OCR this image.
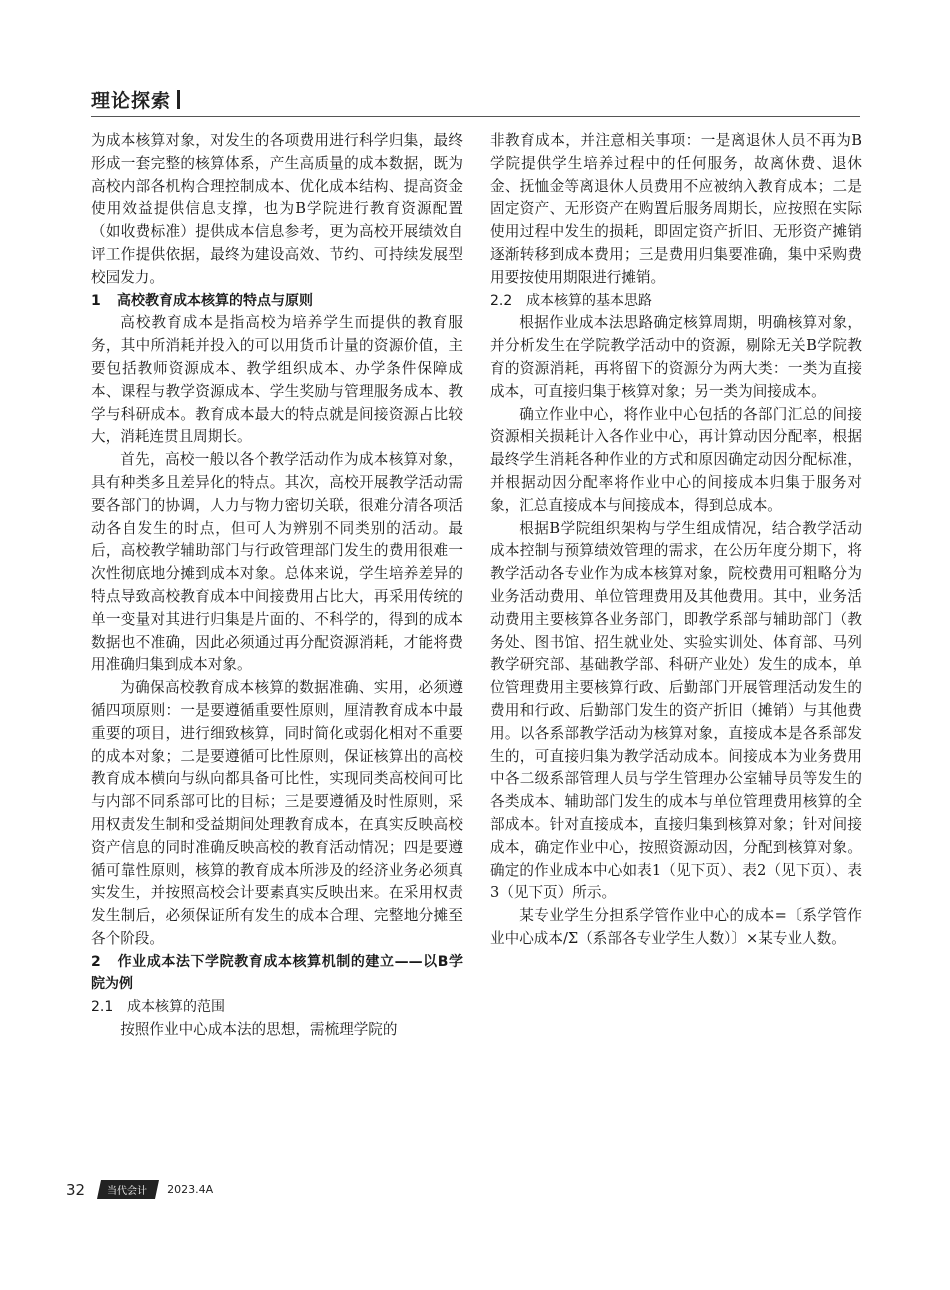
理论探索

为成本核算对象，对发生的各项费用进行科学归集，最终形成一套完整的核算体系，产生高质量的成本数据，既为高校内部各机构合理控制成本、优化成本结构、提高资金使用效益提供信息支撑，也为B学院进行教育资源配置（如收费标准）提供成本信息参考，更为高校开展绩效自评工作提供依据，最终为建设高效、节约、可持续发展型校园发力。

1 高校教育成本核算的特点与原则

高校教育成本是指高校为培养学生而提供的教育服务，其中所消耗并投入的可以用货币计量的资源价值，主要包括教师资源成本、教学组织成本、办学条件保障成本、课程与教学资源成本、学生奖励与管理服务成本、教学与科研成本。教育成本最大的特点就是间接资源占比较大，消耗连贯且周期长。

首先，高校一般以各个教学活动作为成本核算对象，具有种类多且差异化的特点。其次，高校开展教学活动需要各部门的协调，人力与物力密切关联，很难分清各项活动各自发生的时点，但可人为辨别不同类别的活动。最后，高校教学辅助部门与行政管理部门发生的费用很难一次性彻底地分摊到成本对象。总体来说，学生培养差异的特点导致高校教育成本中间接费用占比大，再采用传统的单一变量对其进行归集是片面的、不科学的，得到的成本数据也不准确，因此必须通过再分配资源消耗，才能将费用准确归集到成本对象。

为确保高校教育成本核算的数据准确、实用，必须遵循四项原则：一是要遵循重要性原则，厘清教育成本中最重要的项目，进行细致核算，同时简化或弱化相对不重要的成本对象；二是要遵循可比性原则，保证核算出的高校教育成本横向与纵向都具备可比性，实现同类高校间可比与内部不同系部可比的目标；三是要遵循及时性原则，采用权责发生制和受益期间处理教育成本，在真实反映高校资产信息的同时准确反映高校的教育活动情况；四是要遵循可靠性原则，核算的教育成本所涉及的经济业务必须真实发生，并按照高校会计要素真实反映出来。在采用权责发生制后，必须保证所有发生的成本合理、完整地分摊至各个阶段。

2 作业成本法下学院教育成本核算机制的建立——以B学院为例
2.1 成本核算的范围

按照作业中心成本法的思想，需梳理学院的

非教育成本，并注意相关事项：一是离退休人员不再为B学院提供学生培养过程中的任何服务，故离休费、退休金、抚恤金等离退休人员费用不应被纳入教育成本；二是固定资产、无形资产在购置后服务周期长，应按照在实际使用过程中发生的损耗，即固定资产折旧、无形资产摊销逐渐转移到成本费用；三是费用归集要准确，集中采购费用要按使用期限进行摊销。

2.2 成本核算的基本思路

根据作业成本法思路确定核算周期，明确核算对象，并分析发生在学院教学活动中的资源，剔除无关B学院教育的资源消耗，再将留下的资源分为两大类：一类为直接成本，可直接归集于核算对象；另一类为间接成本。

确立作业中心，将作业中心包括的各部门汇总的间接资源相关损耗计入各作业中心，再计算动因分配率，根据最终学生消耗各种作业的方式和原因确定动因分配标准，并根据动因分配率将作业中心的间接成本归集于服务对象，汇总直接成本与间接成本，得到总成本。

根据B学院组织架构与学生组成情况，结合教学活动成本控制与预算绩效管理的需求，在公历年度分期下，将教学活动各专业作为成本核算对象，院校费用可粗略分为业务活动费用、单位管理费用及其他费用。其中，业务活动费用主要核算各业务部门，即教学系部与辅助部门（教务处、图书馆、招生就业处、实验实训处、体育部、马列教学研究部、基础教学部、科研产业处）发生的成本，单位管理费用主要核算行政、后勤部门开展管理活动发生的费用和行政、后勤部门发生的资产折旧（摊销）与其他费用。以各系部教学活动为核算对象，直接成本是各系部发生的，可直接归集为教学活动成本。间接成本为业务费用中各二级系部管理人员与学生管理办公室辅导员等发生的各类成本、辅助部门发生的成本与单位管理费用核算的全部成本。针对直接成本，直接归集到核算对象；针对间接成本，确定作业中心，按照资源动因，分配到核算对象。确定的作业成本中心如表1（见下页）、表2（见下页）、表3（见下页）所示。

某专业学生分担系学管作业中心的成本=〔系学管作业中心成本/Σ（系部各专业学生人数）〕×某专业人数。

32	当代会计	2023.4A
